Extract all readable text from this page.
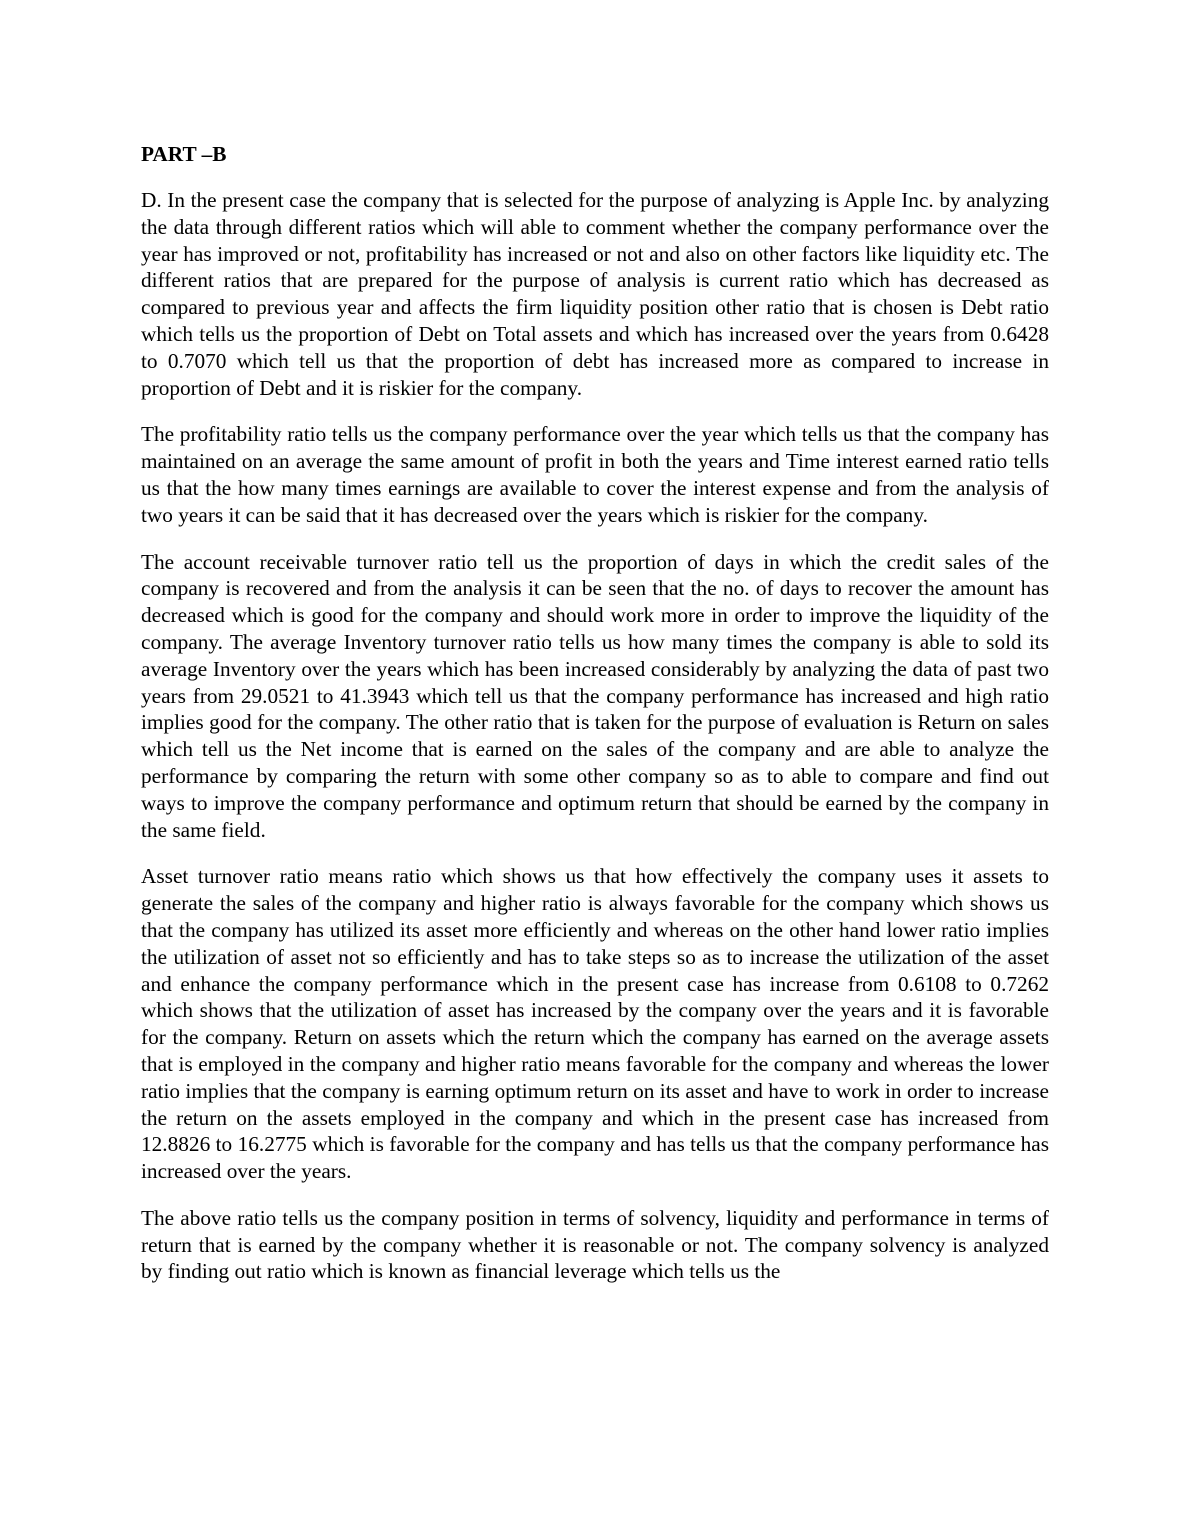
PART –B

D. In the present case the company that is selected for the purpose of analyzing is Apple Inc. by analyzing the data through different ratios which will able to comment whether the company performance over the year has improved or not, profitability has increased or not and also on other factors like liquidity etc. The different ratios that are prepared for the purpose of analysis is current ratio which has decreased as compared to previous year and affects the firm liquidity position other ratio that is chosen is Debt ratio which tells us the proportion of Debt on Total assets and which has increased over the years from 0.6428 to 0.7070 which tell us that the proportion of debt has increased more as compared to increase in proportion of Debt and it is riskier for the company.

The profitability ratio tells us the company performance over the year which tells us that the company has maintained on an average the same amount of profit in both the years and Time interest earned ratio tells us that the how many times earnings are available to cover the interest expense and from the analysis of two years it can be said that it has decreased over the years which is riskier for the company.

The account receivable turnover ratio tell us the proportion of days in which the credit sales of the company is recovered and from the analysis it can be seen that the no. of days to recover the amount has decreased which is good for the company and should work more in order to improve the liquidity of the company. The average Inventory turnover ratio tells us how many times the company is able to sold its average Inventory over the years which has been increased considerably by analyzing the data of past two years from 29.0521 to 41.3943 which tell us that the company performance has increased and high ratio implies good for the company. The other ratio that is taken for the purpose of evaluation is Return on sales which tell us the Net income that is earned on the sales of the company and are able to analyze the performance by comparing the return with some other company so as to able to compare and find out ways to improve the company performance and optimum return that should be earned by the company in the same field.

Asset turnover ratio means ratio which shows us that how effectively the company uses it assets to generate the sales of the company and higher ratio is always favorable for the company which shows us that the company has utilized its asset more efficiently and whereas on the other hand lower ratio implies the utilization of asset not so efficiently and has to take steps so as to increase the utilization of the asset and enhance the company performance which in the present case has increase from 0.6108 to 0.7262 which shows that the utilization of asset has increased by the company over the years and it is favorable for the company. Return on assets which the return which the company has earned on the average assets that is employed in the company and higher ratio means favorable for the company and whereas the lower ratio implies that the company is earning optimum return on its asset and have to work in order to increase the return on the assets employed in the company and which in the present case has increased from 12.8826 to 16.2775 which is favorable for the company and has tells us that the company performance has increased over the years.

The above ratio tells us the company position in terms of solvency, liquidity and performance in terms of return that is earned by the company whether it is reasonable or not. The company solvency is analyzed by finding out ratio which is known as financial leverage which tells us the
